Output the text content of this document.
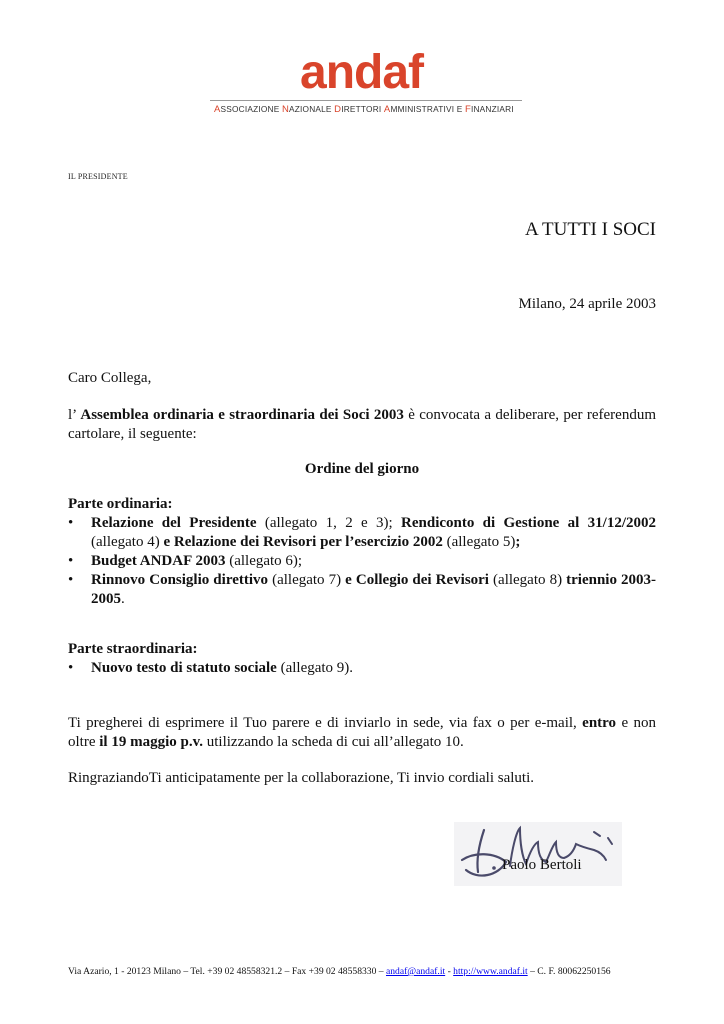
andaf
ASSOCIAZIONE NAZIONALE DIRETTORI AMMINISTRATIVI E FINANZIARI
IL PRESIDENTE
A TUTTI I SOCI
Milano, 24 aprile 2003
Caro Collega,
l’ Assemblea ordinaria e straordinaria dei Soci 2003 è convocata a deliberare, per referendum cartolare, il seguente:
Ordine del giorno
Parte ordinaria:
• Relazione del Presidente (allegato 1, 2 e 3); Rendiconto di Gestione al 31/12/2002 (allegato 4) e Relazione dei Revisori per l’esercizio 2002 (allegato 5);
• Budget ANDAF 2003 (allegato 6);
• Rinnovo Consiglio direttivo (allegato 7) e Collegio dei Revisori (allegato 8) triennio 2003-2005.
Parte straordinaria:
• Nuovo testo di statuto sociale (allegato 9).
Ti pregherei di esprimere il Tuo parere e di inviarlo in sede, via fax o per e-mail, entro e non oltre il 19 maggio p.v. utilizzando la scheda di cui all’allegato 10.
RingraziandoTi anticipatamente per la collaborazione, Ti invio cordiali saluti.
Paolo Bertoli
Via Azario, 1 - 20123 Milano – Tel. +39 02 48558321.2 – Fax +39 02 48558330 – andaf@andaf.it - http://www.andaf.it – C. F. 80062250156
